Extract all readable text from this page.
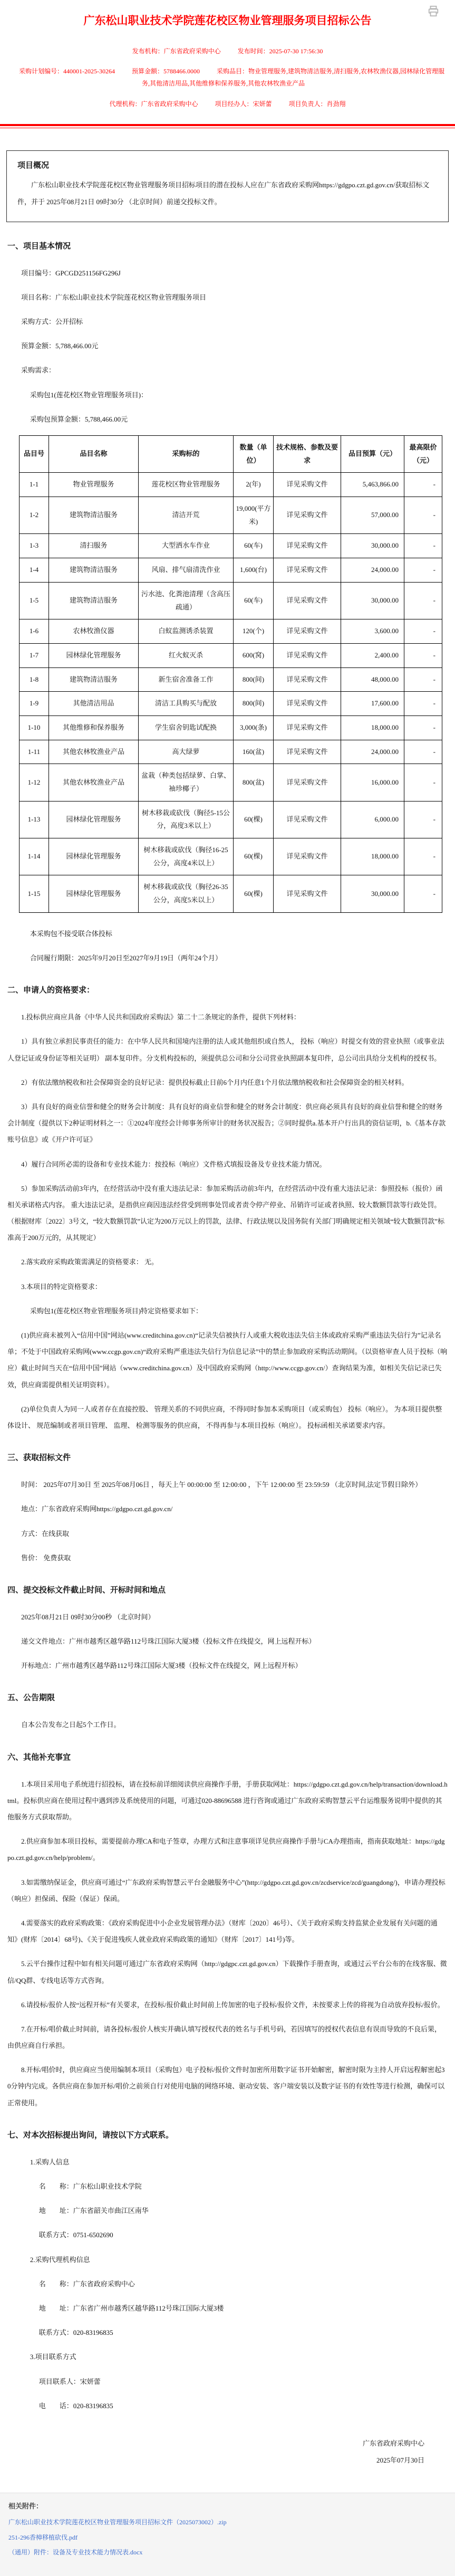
广东松山职业技术学院莲花校区物业管理服务项目招标公告
发布机构：广东省政府采购中心	发布时间：2025-07-30 17:56:30
采购计划编号：440001-2025-30264	预算金额：5788466.0000	采购品目：物业管理服务,建筑物清洁服务,清扫服务,农林牧渔仪器,园林绿化管理服务,其他清洁用品,其他维修和保养服务,其他农林牧渔业产品
代理机构：广东省政府采购中心	项目经办人：宋妍蕾	项目负责人：肖劲翔
项目概况

广东松山职业技术学院莲花校区物业管理服务项目招标项目的潜在投标人应在广东省政府采购网https://gdgpo.czt.gd.gov.cn/获取招标文件，并于 2025年08月21日 09时30分 （北京时间）前递交投标文件。

一、项目基本情况

项目编号：GPCGD251156FG296J

项目名称：广东松山职业技术学院莲花校区物业管理服务项目

采购方式：公开招标

预算金额：5,788,466.00元

采购需求：

采购包1(莲花校区物业管理服务项目)：

采购包预算金额：5,788,466.00元

品目号	品目名称	采购标的	数量（单位）	技术规格、参数及要求	品目预算（元）	最高限价（元）
1-1	物业管理服务	莲花校区物业管理服务	2(年)	详见采购文件	5,463,866.00	-
1-2	建筑物清洁服务	清洁开荒	19,000(平方米)	详见采购文件	57,000.00	-
1-3	清扫服务	大型洒水车作业	60(车)	详见采购文件	30,000.00	-
1-4	建筑物清洁服务	风扇、排气扇清洗作业	1,600(台)	详见采购文件	24,000.00	-
1-5	建筑物清洁服务	污水池、化粪池清理（含高压疏通）	60(车)	详见采购文件	30,000.00	-
1-6	农林牧渔仪器	白蚁监测诱杀装置	120(个)	详见采购文件	3,600.00	-
1-7	园林绿化管理服务	红火蚁灭杀	600(窝)	详见采购文件	2,400.00	-
1-8	建筑物清洁服务	新生宿舍准备工作	800(间)	详见采购文件	48,000.00	-
1-9	其他清洁用品	清洁工具购买与配放	800(间)	详见采购文件	17,600.00	-
1-10	其他维修和保养服务	学生宿舍钥匙试配换	3,000(条)	详见采购文件	18,000.00	-
1-11	其他农林牧渔业产品	高大绿萝	160(盆)	详见采购文件	24,000.00	-
1-12	其他农林牧渔业产品	盆栽（种类包括绿萝、白掌、袖珍椰子）	800(盆)	详见采购文件	16,000.00	-
1-13	园林绿化管理服务	树木移栽或砍伐（胸径5-15公分，高度3米以上）	60(棵)	详见采购文件	6,000.00	-
1-14	园林绿化管理服务	树木移栽或砍伐（胸径16-25公分，高度4米以上）	60(棵)	详见采购文件	18,000.00	-
1-15	园林绿化管理服务	树木移栽或砍伐（胸径26-35公分，高度5米以上）	60(棵)	详见采购文件	30,000.00	-

本采购包不接受联合体投标

合同履行期限：2025年9月20日至2027年9月19日（两年24个月）

二、申请人的资格要求：

1.投标供应商应具备《中华人民共和国政府采购法》第二十二条规定的条件，提供下列材料：

1）具有独立承担民事责任的能力：在中华人民共和国境内注册的法人或其他组织或自然人， 投标（响应）时提交有效的营业执照（或事业法人登记证或身份证等相关证明） 副本复印件。分支机构投标的，须提供总公司和分公司营业执照副本复印件，总公司出具给分支机构的授权书。

2）有依法缴纳税收和社会保障资金的良好记录：提供投标截止日前6个月内任意1个月依法缴纳税收和社会保障资金的相关材料。

3）具有良好的商业信誉和健全的财务会计制度：具有良好的商业信誉和健全的财务会计制度：供应商必须具有良好的商业信誉和健全的财务会计制度（提供以下2种证明材料之一：①2024年度经会计师事务所审计的财务状况报告；②同时提供a.基本开户行出具的资信证明，b.《基本存款账号信息》或《开户许可证》

4）履行合同所必需的设备和专业技术能力：按投标（响应）文件格式填报设备及专业技术能力情况。

5）参加采购活动前3年内，在经营活动中没有重大违法记录：参加采购活动前3年内，在经营活动中没有重大违法记录：参照投标（报价）函相关承诺格式内容。 重大违法记录，是指供应商因违法经营受到刑事处罚或者责令停产停业、吊销许可证或者执照、较大数额罚款等行政处罚。（根据财库〔2022〕3号文，“较大数额罚款”认定为200万元以上的罚款，法律、行政法规以及国务院有关部门明确规定相关领域“较大数额罚款”标准高于200万元的，从其规定）

2.落实政府采购政策需满足的资格要求： 无。

3.本项目的特定资格要求：

采购包1(莲花校区物业管理服务项目)特定资格要求如下：

(1)供应商未被列入“信用中国”网站(www.creditchina.gov.cn)“记录失信被执行人或重大税收违法失信主体或政府采购严重违法失信行为”记录名单；不处于中国政府采购网(www.ccgp.gov.cn)“政府采购严重违法失信行为信息记录”中的禁止参加政府采购活动期间。（以资格审查人员于投标（响应）截止时间当天在“信用中国”网站（www.creditchina.gov.cn）及中国政府采购网（http://www.ccgp.gov.cn/）查询结果为准，如相关失信记录已失效，供应商需提供相关证明资料）。

(2)单位负责人为同一人或者存在直接控股、 管理关系的不同供应商，不得同时参加本采购项目（或采购包） 投标（响应）。 为本项目提供整体设计、 规范编制或者项目管理、 监理、 检测等服务的供应商， 不得再参与本项目投标（响应）。 投标函相关承诺要求内容。

三、获取招标文件

时间： 2025年07月30日 至 2025年08月06日 ，每天上午 00:00:00 至 12:00:00 ，下午 12:00:00 至 23:59:59 （北京时间,法定节假日除外）

地点：广东省政府采购网https://gdgpo.czt.gd.gov.cn/

方式：在线获取

售价： 免费获取

四、提交投标文件截止时间、开标时间和地点

2025年08月21日 09时30分00秒 （北京时间）

递交文件地点：广州市越秀区越华路112号珠江国际大厦3楼（投标文件在线提交，网上远程开标）

开标地点：广州市越秀区越华路112号珠江国际大厦3楼（投标文件在线提交，网上远程开标）

五、公告期限

自本公告发布之日起5个工作日。

六、其他补充事宜

1.本项目采用电子系统进行招投标，请在投标前详细阅读供应商操作手册，手册获取网址：https://gdgpo.czt.gd.gov.cn/help/transaction/download.html。投标供应商在使用过程中遇到涉及系统使用的问题，可通过020-88696588 进行咨询或通过广东政府采购智慧云平台运维服务说明中提供的其他服务方式获取帮助。

2.供应商参加本项目投标，需要提前办理CA和电子签章，办理方式和注意事项详见供应商操作手册与CA办理指南，指南获取地址：https://gdgpo.czt.gd.gov.cn/help/problem/。

3.如需缴纳保证金，供应商可通过“广东政府采购智慧云平台金融服务中心”(http://gdgpo.czt.gd.gov.cn/zcdservice/zcd/guangdong/)，申请办理投标（响应）担保函、保险（保证）保函。

4.需要落实的政府采购政策：《政府采购促进中小企业发展管理办法》（财库〔2020〕46号）、《关于政府采购支持监狱企业发展有关问题的通知》(财库〔2014〕68号)、《关于促进残疾人就业政府采购政策的通知》（财库〔2017〕141号)等。

5.云平台操作过程中如有相关问题可通过广东省政府采购网（http://gdgpc.czt.gd.gov.cn）下载操作手册查询，或通过云平台公布的在线客服、微信/QQ群、专线电话等方式咨询。

6.请投标/报价人按“远程开标”有关要求，在投标/报价截止时间前上传加密的电子投标/报价文件，未按要求上传的将视为自动放弃投标/报价。

7.在开标/唱价截止时间前，请各投标/报价人核实并确认填写授权代表的姓名与手机号码，若因填写的授权代表信息有误而导致的不良后果，由供应商自行承担。

8.开标/唱价时，供应商应当使用编制本项目（采购包）电子投标/报价文件时加密所用数字证书开始解密，解密时限为主持人开启远程解密起30分钟内完成。各供应商在参加开标/唱价之前须自行对使用电脑的网络环境、驱动安装、客户端安装以及数字证书的有效性等进行检测，确保可以正常使用。

七、对本次招标提出询问，请按以下方式联系。

1.采购人信息

名　　称：广东松山职业技术学院

地　　址：广东省韶关市曲江区南华

联系方式：0751-6502690

2.采购代理机构信息

名　　称：广东省政府采购中心

地　　址：广东省广州市越秀区越华路112号珠江国际大厦3楼

联系方式：020-83196835

3.项目联系方式

项目联系人：宋妍蕾

电　　话：020-83196835

广东省政府采购中心
2025年07月30日
相关附件：
广东松山职业技术学院莲花校区物业管理服务项目招标文件（2025073002）.zip
251-296香樟移植砍伐.pdf
（通用）附件：设备及专业技术能力情况表.docx
